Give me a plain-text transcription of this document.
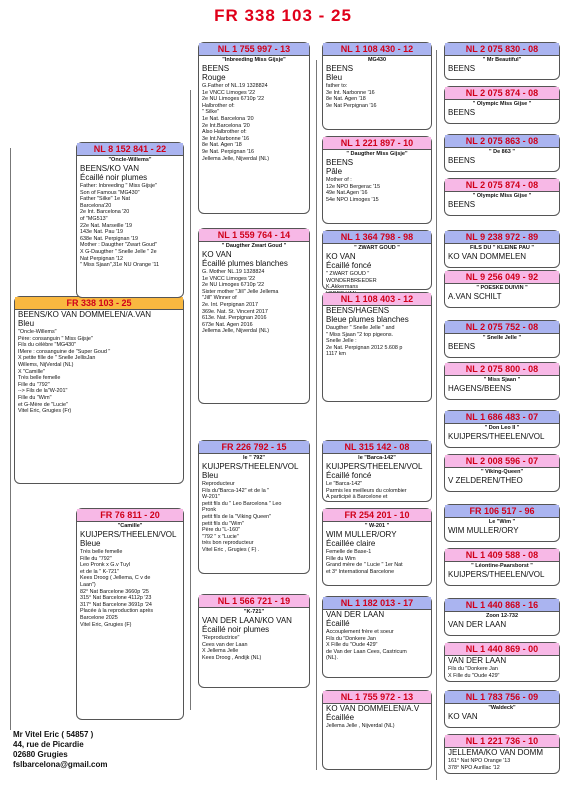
FR 338 103 - 25
FR 338 103 - 25
BEENS/KO VAN DOMMELEN/A.VAN
Bleu
"Oncle-Willems"
Père: consanguin " Miss Gijsje"
Fils du célèbre "MG430"
IMere : consanguine de "Super Goud "
X petite fille de " Snelle JellisJan
Willems, NijVerdal (NL)
X "Camille"
Trés belle femelle
Fille du "792"
--> Fils de la"W-201"
Fille du "Wim"
et G-Mère de "Lucie"
Vitel Eric, Grugies (Fr)
NL 8 152 841 - 22
"Oncle-Willems"
BEENS/KO VAN
Écaillé noir plumes
Father: Inbreeding " Miss Gijsje"
Son of Famous "MG430"
Father "Silke" 1e Nat
Barcelona'20
2e Int. Barcelona '20
of "MG513"
22e Nat. Marseille '19
143e Nat. Pau '19
638e Nat. Perpignan '19
Mother : Daugther "Zwart Goud"
X G-Daugther " Snelle Jelle " 2e
Nat Perpignan '12
" Miss Sjaan",31e NU Orange '11
FR 76 811 - 20
"Camille"
KUIJPERS/THEELEN/VOL
Bleue
Trés belle femelle
Fille du "792"
Leo Pronk x G.v Tuyl
et de la " K-721"
Kees Droog ( Jellema, C v de
Laan")
82° Nat Barcelone 3660p '25
315° Nat Barcelone 4112p '23
317° Nat Barcelone 3691p '24
Placée à la reproduction après
Barcelone 2025
Vitel Eric, Grugies (F)
NL 1 755 997 - 13
"Inbreeding Miss Gijsje"
BEENS
Rouge
G.Father of NL.19 1328824
1e VNCC Limoges '22
2e NU Limoges 6710p '22
Halbrother of:
" Silke"
1e Nat. Barcelona '20
2e Int.Barcelona '20
Also Halbrother of:
3e Int.Narbonne '16
8e Nat. Agen '18
9e Nat. Perpignan '16
Jellema Jelle, Nijverdal (NL)
NL 1 559 764 - 14
" Daugther Zwart Goud "
KO VAN
Écaillé plumes blanches
G. Mother NL.19 1328824
1e VNCC Limoges '22
2e NU Limoges 6710p '22
Sister mother "Jill" Jelle Jellema
"Jill" Winner of
2e. Int. Perpignan 2017
369e. Nat. St. Vincent 2017
613e. Nat. Perpignan 2016
673e Nat. Agen 2016
Jellema Jelle, Nijverdal (NL)
FR 226 792 - 15
le " 792"
KUIJPERS/THEELEN/VOL
Bleu
Reproducteur
Fils du"Barca-142" et de la "
W-201"
petit fils du " Leo Barcelona " Leo
Pronk
petit fils de la "Viking Queen"
petit fils du "Wim"
Père du "L-160"
"792 " x "Lucie"
très bon reproducteur
Vitel Eric , Grugies ( F) .
NL 1 566 721 - 19
"K-721"
VAN DER LAAN/KO VAN
Écaillé noir plumes
"Reproductrice"
Cees van der Laan
X Jellema Jelle
Kees Droog , Andijk (NL)
NL 1 108 430 - 12
MG430
BEENS
Bleu
father to:
3e Int. Narbonne '16
8e Nat. Agen '18
9e Nat Perpignan '16
NL 1 221 897 - 10
" Daugther Miss Gijsje"
BEENS
Pâle
Mother of :
12e NPO Bergerac '15
49e Nat.Agen '16
54e NPO Limoges '15
NL 1 364 798 - 98
" ZWART GOUD "
KO VAN
Écaillé foncé
" ZWART GOUD "
WONDERBREEDER
K.Akkermans
NL 1 108 403 - 12
BEENS/HAGENS
Bleue plumes blanches
Daugther " Snelle Jelle " and
" Miss Sjaan "2 top pigeons.
Snelle Jelle :
2e Nat. Perpignan 2012 5.608 p
1117 km
NL 315 142 - 08
le "Barca-142"
KUIJPERS/THEELEN/VOL
Écaillé foncé
Le "Barca-142"
Parmis les meilleurs du colombier
A participé à Barcelone et
FR 254 201 - 10
" W-201 "
WIM MULLER/ORY
Écaillée claire
Femelle de Base-1
Fille du Wim
Grand mère de " Lucie " 1er Nat
et 3° International Barcelone
NL 1 182 013 - 17
VAN DER LAAN
Écaillé
Accouplement frère et soeur
Fils du "Donkere Jan
X Fille du "Oude 429"
de Van der Laan Cees, Castricum
(NL).
NL 1 755 972 - 13
KO VAN DOMMELEN/A.V
Écaillée
Jellema Jelle , Nijverdal (NL)
NL 2 075 830 - 08
" Mr Beautiful"
BEENS
NL 2 075 874 - 08
" Olympic Miss Gijse "
BEENS
NL 2 075 863 - 08
" De 863 "
BEENS
NL 2 075 874 - 08
" Olympic Miss Gijse "
BEENS
NL 9 238 972 - 89
FILS DU " KLEINE PAU "
KO VAN DOMMELEN
NL 9 256 049 - 92
" POESKE DUIVIN "
A.VAN SCHILT
NL 2 075 752 - 08
" Snelle Jelle "
BEENS
NL 2 075 800 - 08
" Miss Sjaan "
HAGENS/BEENS
NL 1 686 483 - 07
" Don Leo II "
KUIJPERS/THEELEN/VOL
NL 2 008 596 - 07
" Viking-Queen"
V ZELDEREN/THEO
FR 106 517 - 96
Le "Wim "
WIM MULLER/ORY
NL 1 409 588 - 08
" Léontine-Paarsborst "
KUIJPERS/THEELEN/VOL
NL 1 440 868 - 16
Zoon 12-732
VAN DER LAAN
NL 1 440 869 - 00
VAN DER LAAN
Fils du "Donkere Jan
X Fille du "Oude 429"
NL 1 783 756 - 09
"Waldeck"
KO VAN
NL 1 221 736 - 10
JELLEMA/KO VAN DOMM
161° Nat NPO Orange '13
378° NPO Aurillac '12
Mr Vitel Eric ( 54857 )
44, rue de Picardie
02680 Grugies
fslbarcelona@gmail.com
